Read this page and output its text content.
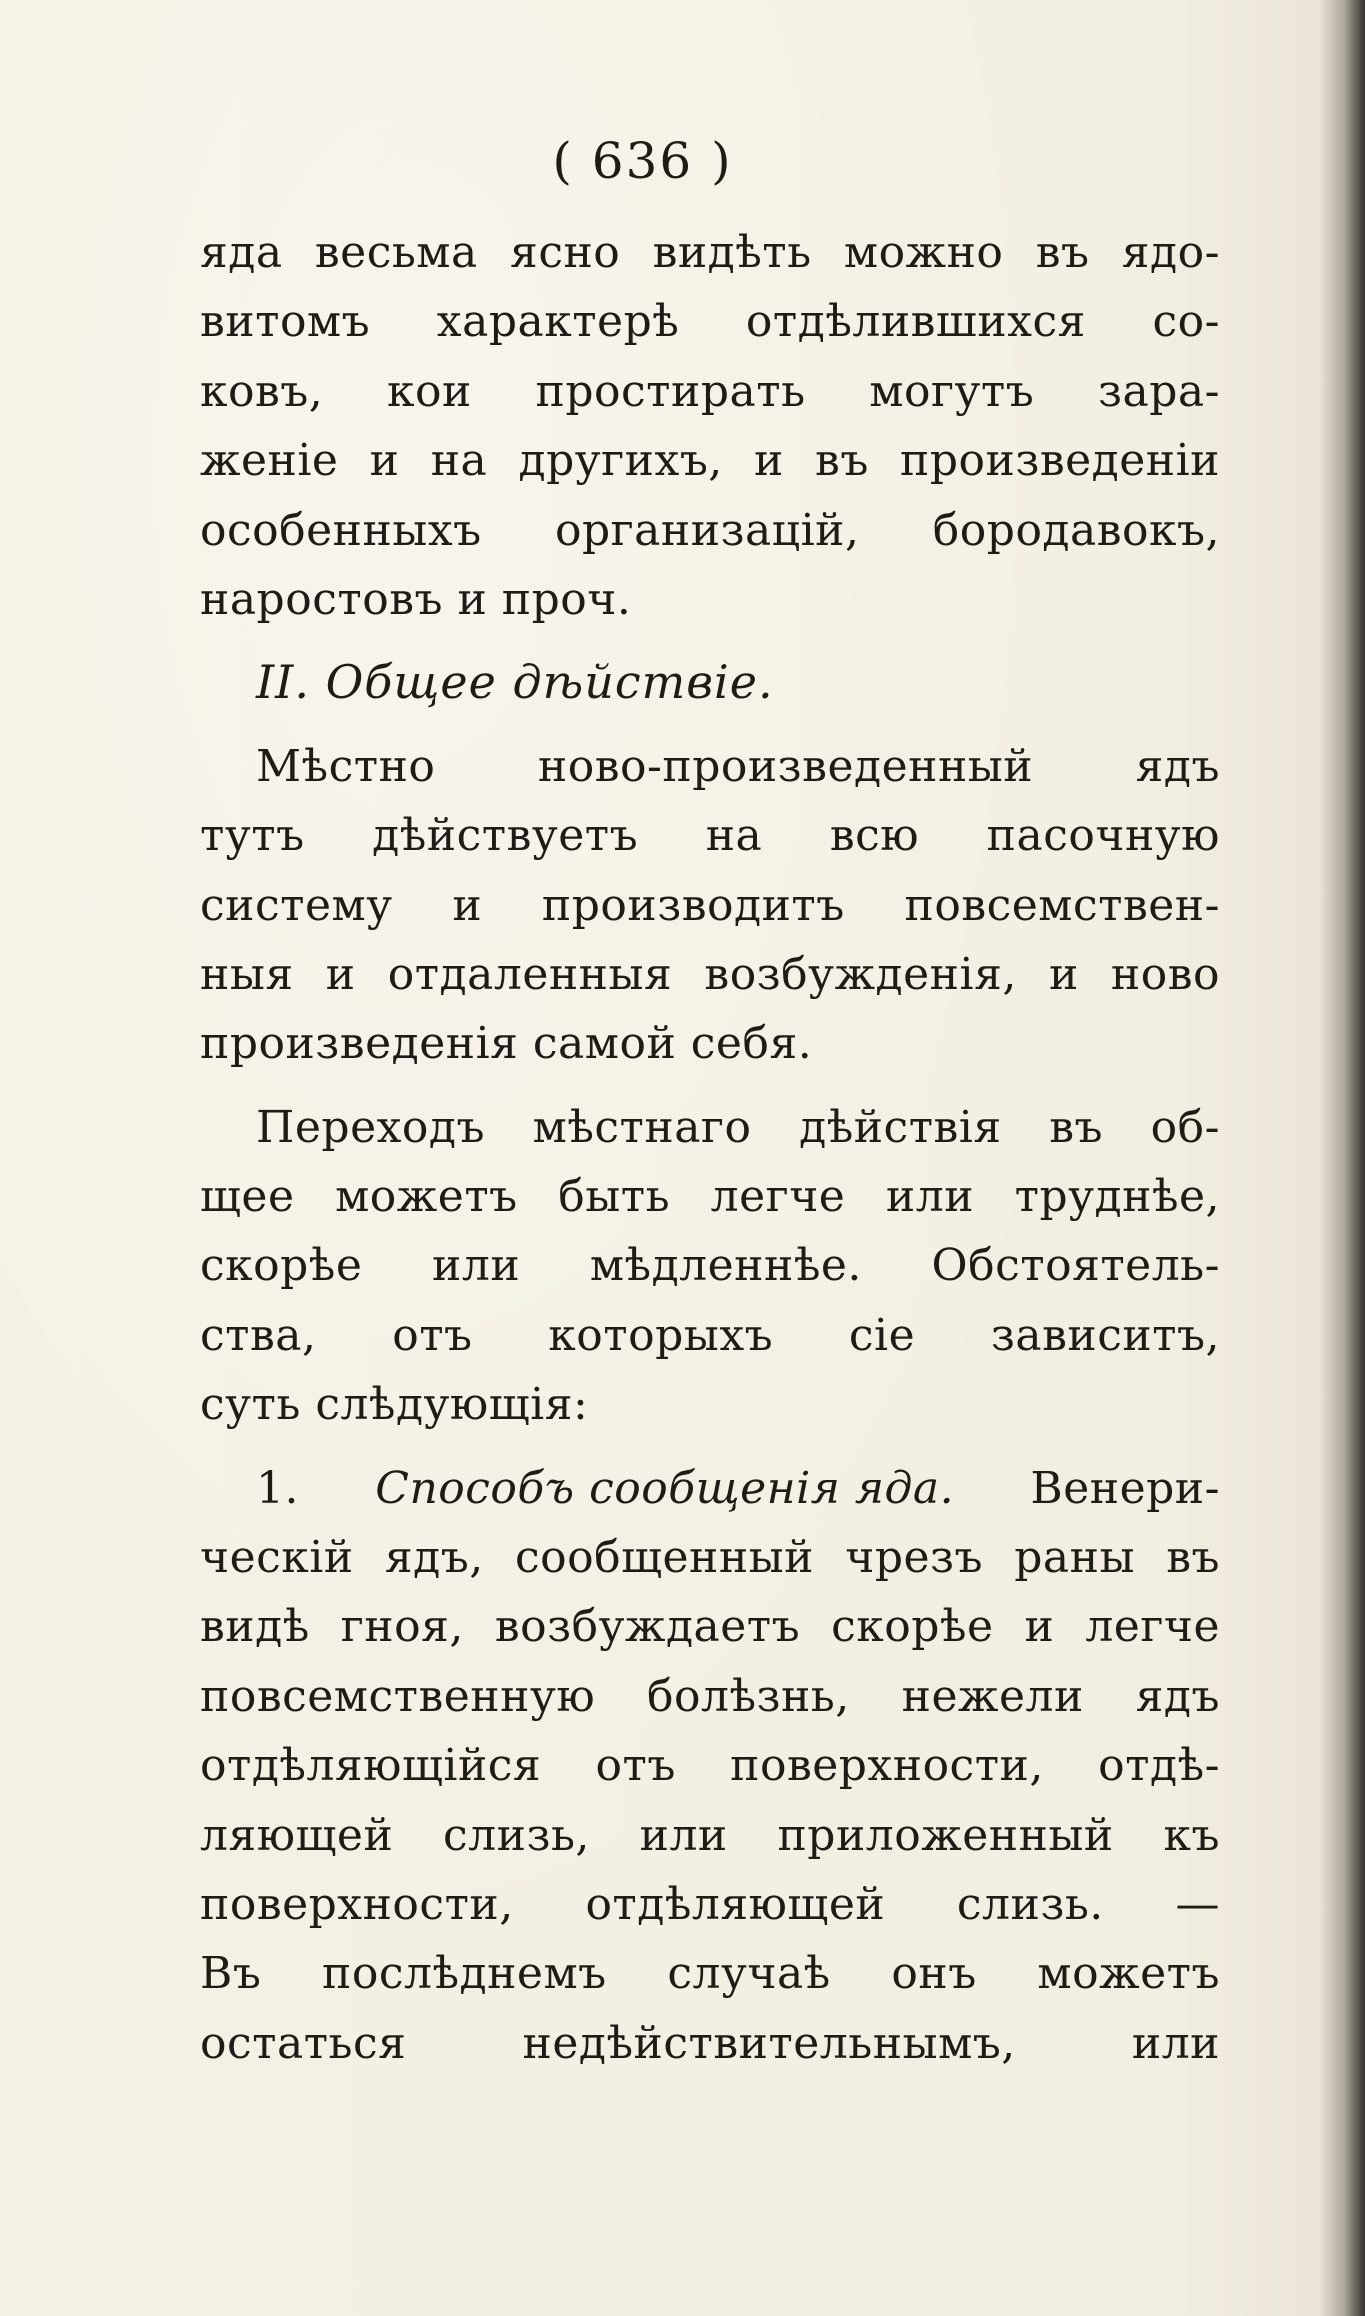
( 636 )
яда весьма ясно видѣть можно въ ядо-
витомъ характерѣ отдѣлившихся со-
ковъ, кои простирать могутъ зара-
женіе и на другихъ, и въ произведеніи
особенныхъ организацій, бородавокъ,
наростовъ и проч.
II. Общее дѣйствіе.
Мѣстно ново-произведенный ядъ
тутъ дѣйствуетъ на всю пасочную
систему и производитъ повсемствен-
ныя и отдаленныя возбужденія, и ново
произведенія самой себя.
Переходъ мѣстнаго дѣйствія въ об-
щее можетъ быть легче или труднѣе,
скорѣе или мѣдленнѣе. Обстоятель-
ства, отъ которыхъ сіе зависитъ,
суть слѣдующія:
1. Способъ сообщенія яда. Венери-
ческій ядъ, сообщенный чрезъ раны въ
видѣ гноя, возбуждаетъ скорѣе и легче
повсемственную болѣзнь, нежели ядъ
отдѣляющійся отъ поверхности, отдѣ-
ляющей слизь, или приложенный къ
поверхности, отдѣляющей слизь. —
Въ послѣднемъ случаѣ онъ можетъ
остаться недѣйствительнымъ, или
